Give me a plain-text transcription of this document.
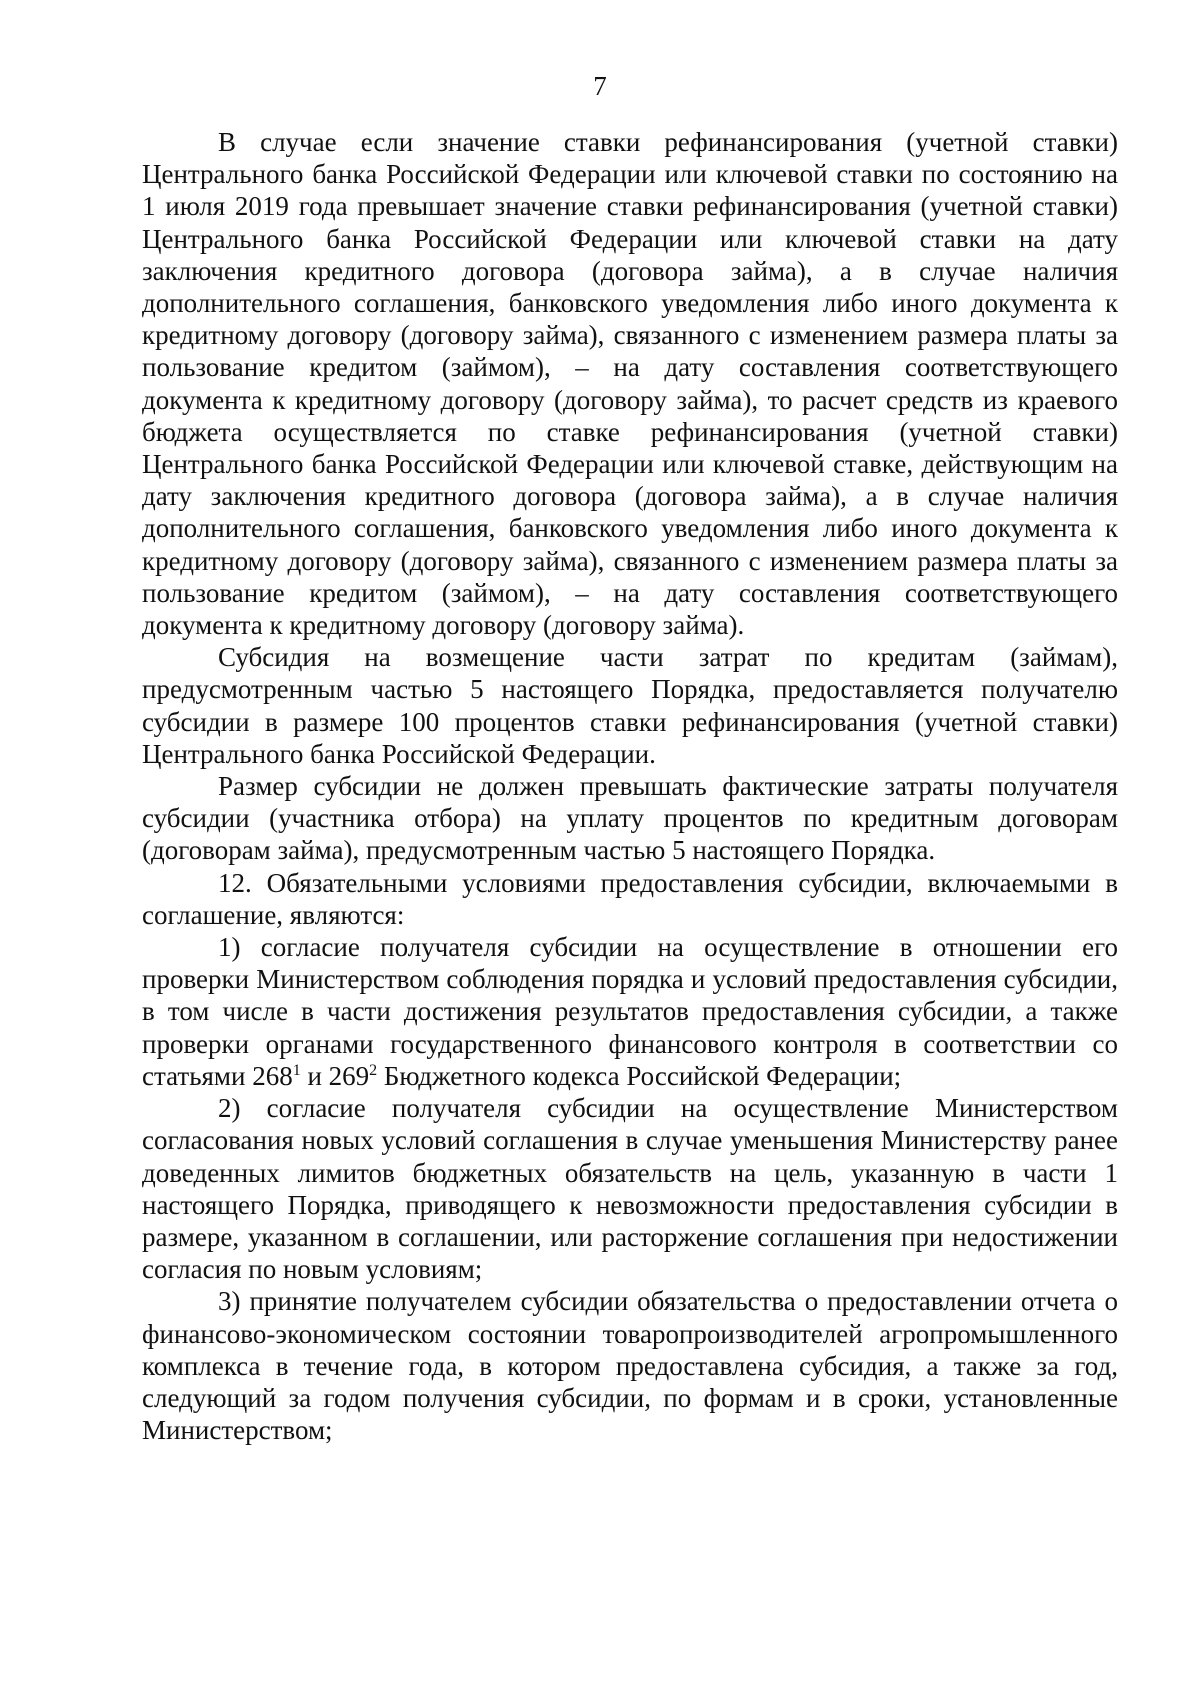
7

В случае если значение ставки рефинансирования (учетной ставки) Центрального банка Российской Федерации или ключевой ставки по состоянию на 1 июля 2019 года превышает значение ставки рефинансирования (учетной ставки) Центрального банка Российской Федерации или ключевой ставки на дату заключения кредитного договора (договора займа), а в случае наличия дополнительного соглашения, банковского уведомления либо иного документа к кредитному договору (договору займа), связанного с изменением размера платы за пользование кредитом (займом), – на дату составления соответствующего документа к кредитному договору (договору займа), то расчет средств из краевого бюджета осуществляется по ставке рефинансирования (учетной ставки) Центрального банка Российской Федерации или ключевой ставке, действующим на дату заключения кредитного договора (договора займа), а в случае наличия дополнительного соглашения, банковского уведомления либо иного документа к кредитному договору (договору займа), связанного с изменением размера платы за пользование кредитом (займом), – на дату составления соответствующего документа к кредитному договору (договору займа).

Субсидия на возмещение части затрат по кредитам (займам), предусмотренным частью 5 настоящего Порядка, предоставляется получателю субсидии в размере 100 процентов ставки рефинансирования (учетной ставки) Центрального банка Российской Федерации.

Размер субсидии не должен превышать фактические затраты получателя субсидии (участника отбора) на уплату процентов по кредитным договорам (договорам займа), предусмотренным частью 5 настоящего Порядка.

12. Обязательными условиями предоставления субсидии, включаемыми в соглашение, являются:

1) согласие получателя субсидии на осуществление в отношении его проверки Министерством соблюдения порядка и условий предоставления субсидии, в том числе в части достижения результатов предоставления субсидии, а также проверки органами государственного финансового контроля в соответствии со статьями $268^1$ и $269^2$ Бюджетного кодекса Российской Федерации;

2) согласие получателя субсидии на осуществление Министерством согласования новых условий соглашения в случае уменьшения Министерству ранее доведенных лимитов бюджетных обязательств на цель, указанную в части 1 настоящего Порядка, приводящего к невозможности предоставления субсидии в размере, указанном в соглашении, или расторжение соглашения при недостижении согласия по новым условиям;

3) принятие получателем субсидии обязательства о предоставлении отчета о финансово-экономическом состоянии товаропроизводителей агропромышленного комплекса в течение года, в котором предоставлена субсидия, а также за год, следующий за годом получения субсидии, по формам и в сроки, установленные Министерством;
